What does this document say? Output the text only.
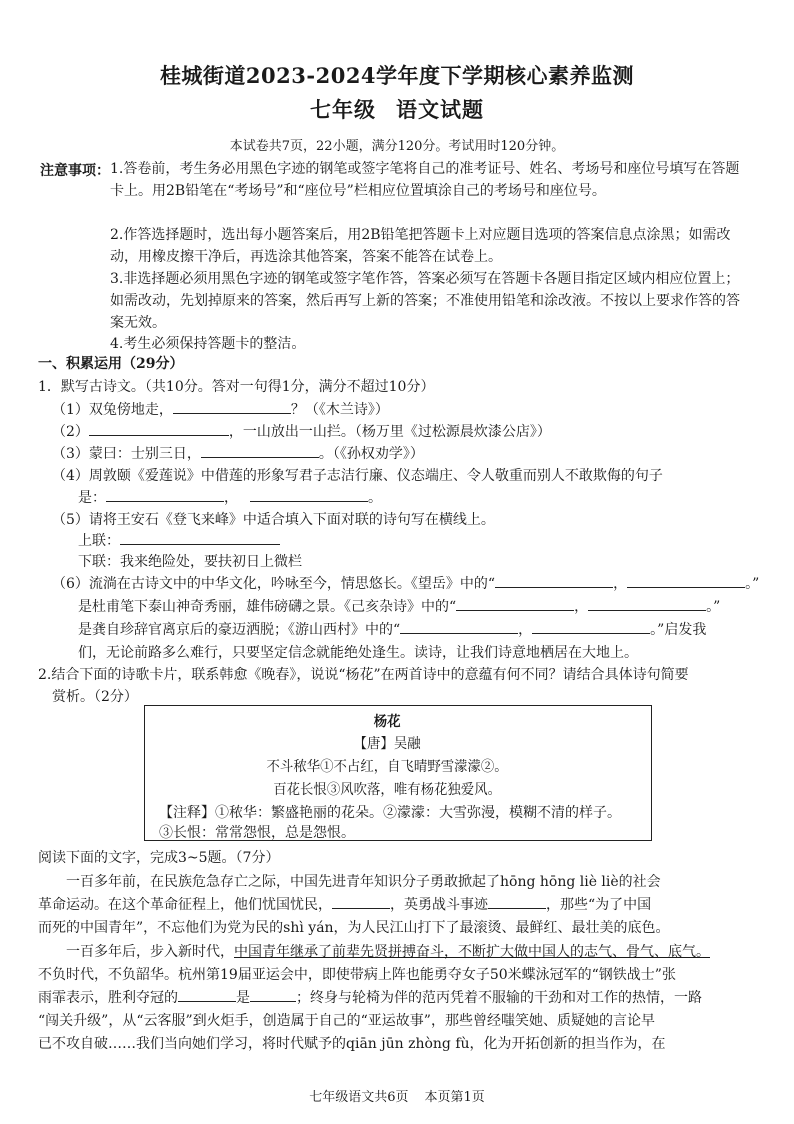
桂城街道2023-2024学年度下学期核心素养监测
七年级 语文试题
本试卷共7页，22小题，满分120分。考试用时120分钟。
注意事项： 1.答卷前，考生务必用黑色字迹的钢笔或签字笔将自己的准考证号、姓名、考场号和座位号填写在答题卡上。用2B铅笔在“考场号”和“座位号”栏相应位置填涂自己的考场号和座位号。
2.作答选择题时，选出每小题答案后，用2B铅笔把答题卡上对应题目选项的答案信息点涂黑；如需改动，用橡皮擦干净后，再选涂其他答案，答案不能答在试卷上。
3.非选择题必须用黑色字迹的钢笔或签字笔作答，答案必须写在答题卡各题目指定区域内相应位置上；如需改动，先划掉原来的答案，然后再写上新的答案；不准使用铅笔和涂改液。不按以上要求作答的答案无效。
4.考生必须保持答题卡的整洁。
一、积累运用（29分）
1．默写古诗文。（共10分。答对一句得1分，满分不超过10分）
（1）双兔傍地走，	？（《木兰诗》）
（2）	，一山放出一山拦。（杨万里《过松源晨炊漆公店》）
（3）蒙曰：士别三日，	。（《孙权劝学》）
（4）周敦颐《爱莲说》中借莲的形象写君子志洁行廉、仪态端庄、令人敬重而别人不敢欺侮的句子
是：	，	。
（5）请将王安石《登飞来峰》中适合填入下面对联的诗句写在横线上。
上联：
下联：我来绝险处，要扶初日上微栏
（6）流淌在古诗文中的中华文化，吟咏至今，情思悠长。《望岳》中的“	，	。”
是杜甫笔下泰山神奇秀丽，雄伟磅礴之景。《己亥杂诗》中的“	，	。”
是龚自珍辞官离京后的豪迈洒脱；《游山西村》中的“	，	。”启发我
们，无论前路多么难行，只要坚定信念就能绝处逢生。读诗，让我们诗意地栖居在大地上。
2.结合下面的诗歌卡片，联系韩愈《晚春》，说说“杨花”在两首诗中的意蕴有何不同？请结合具体诗句简要
赏析。（2分）
杨花
【唐】吴融
不斗秾华①不占红，自飞晴野雪濛濛②。
百花长恨③风吹落，唯有杨花独爱风。
【注释】①秾华：繁盛艳丽的花朵。②濛濛：大雪弥漫，模糊不清的样子。
③长恨：常常怨恨，总是怨恨。
阅读下面的文字，完成3~5题。（7分）
一百多年前，在民族危急存亡之际，中国先进青年知识分子勇敢掀起了hōng hōng liè liè的社会
革命运动。在这个革命征程上，他们忧国忧民，	，英勇战斗事迹	，那些“为了中国
而死的中国青年”，不忘他们为党为民的shì yán，为人民江山打下了最滚烫、最鲜红、最壮美的底色。
一百多年后，步入新时代，中国青年继承了前辈先贤拼搏奋斗，不断扩大做中国人的志气、骨气、底气。
不负时代，不负韶华。杭州第19届亚运会中，即使带病上阵也能勇夺女子50米蝶泳冠军的“钢铁战士”张
雨霏表示，胜利夺冠的	是	；终身与轮椅为伴的范丙凭着不服输的干劲和对工作的热情，一路
“闯关升级”，从“云客服”到火炬手，创造属于自己的“亚运故事”，那些曾经嗤笑她、质疑她的言论早
已不攻自破……我们当向她们学习，将时代赋予的qiān jūn zhòng fù，化为开拓创新的担当作为，在
七年级语文共6页 本页第1页
